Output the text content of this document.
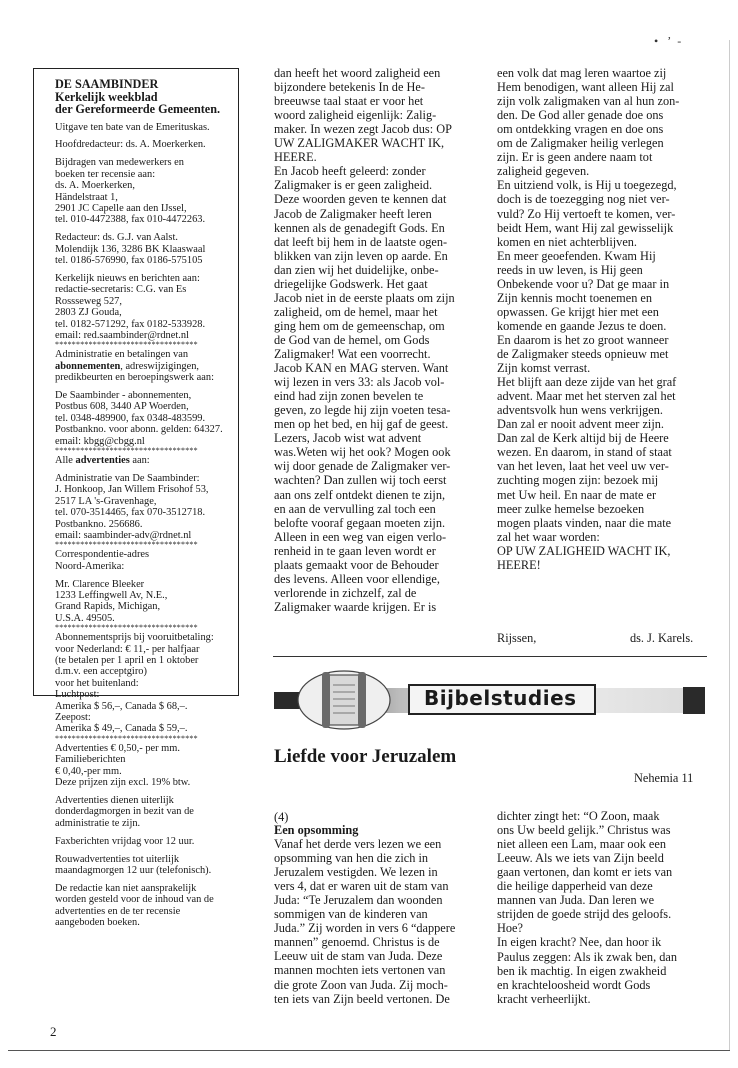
•   ʼ  -
DE SAAMBINDER
Kerkelijk weekblad
der Gereformeerde Gemeenten.
Uitgave ten bate van de Emerituskas.
Hoofdredacteur: ds. A. Moerkerken.
Bijdragen van medewerkers en
boeken ter recensie aan:
ds. A. Moerkerken,
Händelstraat 1,
2901 JC Capelle aan den IJssel,
tel. 010-4472388, fax 010-4472263.
Redacteur: ds. G.J. van Aalst.
Molendijk 136, 3286 BK Klaaswaal
tel. 0186-576990, fax 0186-575105
Kerkelijk nieuws en berichten aan:
redactie-secretaris: C.G. van Es
Rossseweg 527,
2803 ZJ Gouda,
tel. 0182-571292, fax 0182-533928.
email: red.saambinder@rdnet.nl
**********************************
Administratie en betalingen van
abonnementen, adreswijzigingen,
predikbeurten en beroepingswerk aan:
De Saambinder - abonnementen,
Postbus 608, 3440 AP Woerden,
tel. 0348-489900, fax 0348-483599.
Postbankno. voor abonn. gelden: 64327.
email: kbgg@cbgg.nl
**********************************
Alle advertenties aan:
Administratie van De Saambinder:
J. Honkoop, Jan Willem Frisohof 53,
2517 LA 's-Gravenhage,
tel. 070-3514465, fax 070-3512718.
Postbankno. 256686.
email: saambinder-adv@rdnet.nl
**********************************
Correspondentie-adres
Noord-Amerika:
Mr. Clarence Bleeker
1233 Leffingwell Av, N.E.,
Grand Rapids, Michigan,
U.S.A. 49505.
**********************************
Abonnementsprijs bij vooruitbetaling:
voor Nederland: € 11,- per halfjaar
(te betalen per 1 april en 1 oktober
d.m.v. een acceptgiro)
voor het buitenland:
Luchtpost:
Amerika $ 56,–, Canada $ 68,–.
Zeepost:
Amerika $ 49,–, Canada $ 59,–.
**********************************
Advertenties € 0,50,- per mm.
Familieberichten
€ 0,40,-per mm.
Deze prijzen zijn excl. 19% btw.
Advertenties dienen uiterlijk
donderdagmorgen in bezit van de
administratie te zijn.
Faxberichten vrijdag voor 12 uur.
Rouwadvertenties tot uiterlijk
maandagmorgen 12 uur (telefonisch).
De redactie kan niet aansprakelijk
worden gesteld voor de inhoud van de
advertenties en de ter recensie
aangeboden boeken.
dan heeft het woord zaligheid een
bijzondere betekenis In de He-
breeuwse taal staat er voor het
woord zaligheid eigenlijk: Zalig-
maker. In wezen zegt Jacob dus: OP
UW ZALIGMAKER WACHT IK,
HEERE.
En Jacob heeft geleerd: zonder
Zaligmaker is er geen zaligheid.
Deze woorden geven te kennen dat
Jacob de Zaligmaker heeft leren
kennen als de genadegift Gods. En
dat leeft bij hem in de laatste ogen-
blikken van zijn leven op aarde. En
dan zien wij het duidelijke, onbe-
driegelijke Godswerk. Het gaat
Jacob niet in de eerste plaats om zijn
zaligheid, om de hemel, maar het
ging hem om de gemeenschap, om
de God van de hemel, om Gods
Zaligmaker! Wat een voorrecht.
Jacob KAN en MAG sterven. Want
wij lezen in vers 33: als Jacob vol-
eind had zijn zonen bevelen te
geven, zo legde hij zijn voeten tesa-
men op het bed, en hij gaf de geest.
Lezers, Jacob wist wat advent
was.Weten wij het ook? Mogen ook
wij door genade de Zaligmaker ver-
wachten? Dan zullen wij toch eerst
aan ons zelf ontdekt dienen te zijn,
en aan de vervulling zal toch een
belofte vooraf gegaan moeten zijn.
Alleen in een weg van eigen verlo-
renheid in te gaan leven wordt er
plaats gemaakt voor de Behouder
des levens. Alleen voor ellendige,
verlorende in zichzelf, zal de
Zaligmaker waarde krijgen. Er is
een volk dat mag leren waartoe zij
Hem benodigen, want alleen Hij zal
zijn volk zaligmaken van al hun zon-
den. De God aller genade doe ons
om ontdekking vragen en doe ons
om de Zaligmaker heilig verlegen
zijn. Er is geen andere naam tot
zaligheid gegeven.
En uitziend volk, is Hij u toegezegd,
doch is de toezegging nog niet ver-
vuld? Zo Hij vertoeft te komen, ver-
beidt Hem, want Hij zal gewisselijk
komen en niet achterblijven.
En meer geoefenden. Kwam Hij
reeds in uw leven, is Hij geen
Onbekende voor u? Dat ge maar in
Zijn kennis mocht toenemen en
opwassen. Ge krijgt hier met een
komende en gaande Jezus te doen.
En daarom is het zo groot wanneer
de Zaligmaker steeds opnieuw met
Zijn komst verrast.
Het blijft aan deze zijde van het graf
advent. Maar met het sterven zal het
adventsvolk hun wens verkrijgen.
Dan zal er nooit advent meer zijn.
Dan zal de Kerk altijd bij de Heere
wezen. En daarom, in stand of staat
van het leven, laat het veel uw ver-
zuchting mogen zijn: bezoek mij
met Uw heil. En naar de mate er
meer zulke hemelse bezoeken
mogen plaats vinden, naar die mate
zal het waar worden:
OP UW ZALIGHEID WACHT IK,
HEERE!
Rijssen,	ds. J. Karels.
Bijbelstudies
Liefde voor Jeruzalem
Nehemia 11
(4)
Een opsomming
Vanaf het derde vers lezen we een
opsomming van hen die zich in
Jeruzalem vestigden. We lezen in
vers 4, dat er waren uit de stam van
Juda: “Te Jeruzalem dan woonden
sommigen van de kinderen van
Juda.” Zij worden in vers 6 “dappere
mannen” genoemd. Christus is de
Leeuw uit de stam van Juda. Deze
mannen mochten iets vertonen van
die grote Zoon van Juda. Zij moch-
ten iets van Zijn beeld vertonen. De
dichter zingt het: “O Zoon, maak
ons Uw beeld gelijk.” Christus was
niet alleen een Lam, maar ook een
Leeuw. Als we iets van Zijn beeld
gaan vertonen, dan komt er iets van
die heilige dapperheid van deze
mannen van Juda. Dan leren we
strijden de goede strijd des geloofs.
Hoe?
In eigen kracht? Nee, dan hoor ik
Paulus zeggen: Als ik zwak ben, dan
ben ik machtig. In eigen zwakheid
en krachteloosheid wordt Gods
kracht verheerlijkt.
2
